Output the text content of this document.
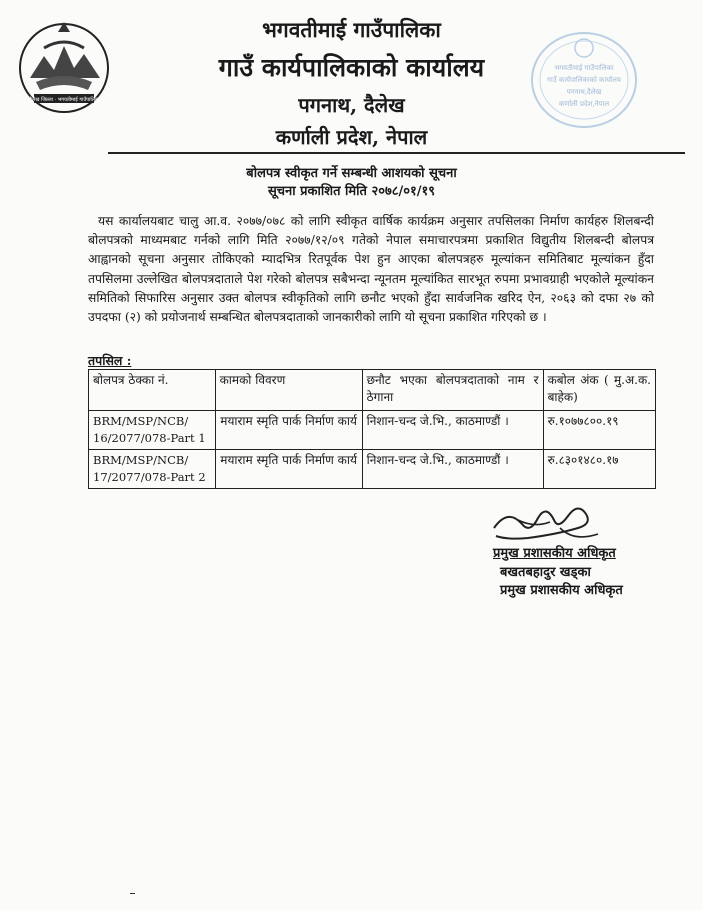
बौलेख जिल्ला · भगवतीमाई गाउँपालिका
भगवतीमाई गाउँपालिका
गाउँ कार्यपालिकाको कार्यालय
पगनाथ,दैलेख
कर्णाली प्रदेश,नेपाल
भगवतीमाई गाउँपालिका
गाउँ कार्यपालिकाको कार्यालय
पगनाथ, दैलेख
कर्णाली प्रदेश, नेपाल
बोलपत्र स्वीकृत गर्ने सम्बन्धी आशयको सूचना
सूचना प्रकाशित मिति २०७८/०१/१९
यस कार्यालयबाट चालु आ.व. २०७७/०७८ को लागि स्वीकृत वार्षिक कार्यक्रम अनुसार तपसिलका निर्माण कार्यहरु शिलबन्दी बोलपत्रको माध्यमबाट गर्नको लागि मिति २०७७/१२/०९ गतेको नेपाल समाचारपत्रमा प्रकाशित विद्युतीय शिलबन्दी बोलपत्र आह्वानको सूचना अनुसार तोकिएको म्यादभित्र रितपूर्वक पेश हुन आएका बोलपत्रहरु मूल्यांकन समितिबाट मूल्यांकन हुँदा तपसिलमा उल्लेखित बोलपत्रदाताले पेश गरेको बोलपत्र सबैभन्दा न्यूनतम मूल्यांकित सारभूत रुपमा प्रभावग्राही भएकोले मूल्यांकन समितिको सिफारिस अनुसार उक्त बोलपत्र स्वीकृतिको लागि छनौट भएको हुँदा सार्वजनिक खरिद ऐन, २०६३ को दफा २७ को उपदफा (२) को प्रयोजनार्थ सम्बन्धित बोलपत्रदाताको जानकारीको लागि यो सूचना प्रकाशित गरिएको छ ।
तपसिल :
बोलपत्र ठेक्का नं.	कामको विवरण	छनौट भएका बोलपत्रदाताको नाम र ठेगाना	कबोल अंक ( मु.अ.क. बाहेक)
BRM/MSP/NCB/ 16/2077/078-Part 1	मयाराम स्मृति पार्क निर्माण कार्य	निशान-चन्द जे.भि., काठमाण्डौं ।	रु.१०७७८००.१९
BRM/MSP/NCB/ 17/2077/078-Part 2	मयाराम स्मृति पार्क निर्माण कार्य	निशान-चन्द जे.भि., काठमाण्डौं ।	रु.८३०१४८०.१७
प्रमुख प्रशासकीय अधिकृत
बखतबहादुर खड्का
प्रमुख प्रशासकीय अधिकृत
